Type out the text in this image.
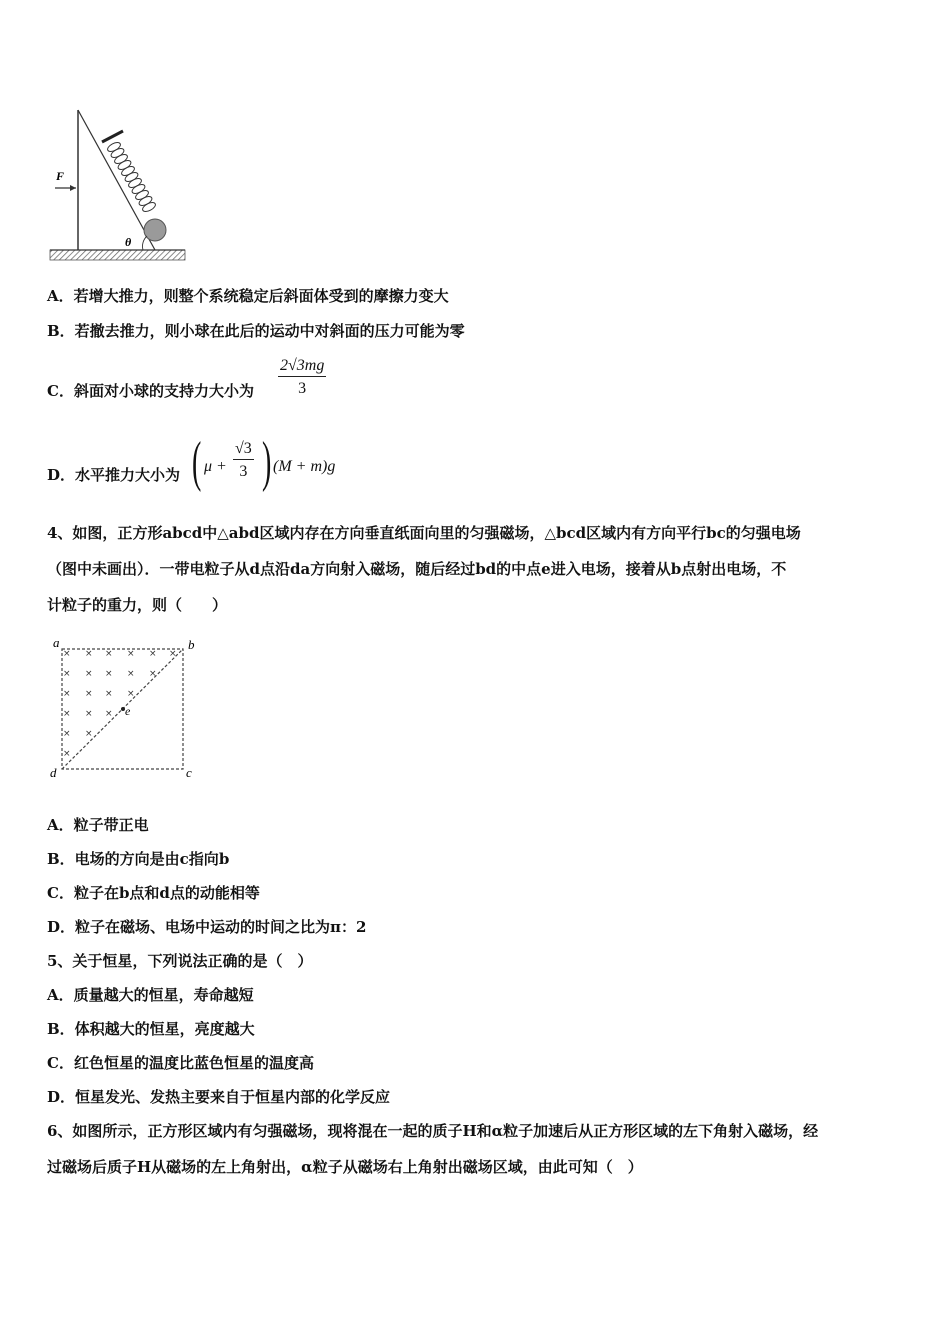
F
θ
A．若增大推力，则整个系统稳定后斜面体受到的摩擦力变大
B．若撤去推力，则小球在此后的运动中对斜面的压力可能为零
C．斜面对小球的支持力大小为 $\frac{2√3mg}{3}$
D．水平推力大小为 ( $\mu + \frac{√3}{3}$ ) (M + m)g
4、如图，正方形abcd中△abd区域内存在方向垂直纸面向里的匀强磁场，△bcd区域内有方向平行bc的匀强电场
（图中未画出）．一带电粒子从d点沿da方向射入磁场，随后经过bd的中点e进入电场，接着从b点射出电场，不
计粒子的重力，则（　　）
× × × × × ×
× × × × ×
× × × ×
× × ×
× ×
×
a	b
c
d
e
A．粒子带正电
B．电场的方向是由c指向b
C．粒子在b点和d点的动能相等
D．粒子在磁场、电场中运动的时间之比为π：2
5、关于恒星，下列说法正确的是（　）
A．质量越大的恒星，寿命越短
B．体积越大的恒星，亮度越大
C．红色恒星的温度比蓝色恒星的温度高
D．恒星发光、发热主要来自于恒星内部的化学反应
6、如图所示，正方形区域内有匀强磁场，现将混在一起的质子H和α粒子加速后从正方形区域的左下角射入磁场，经
过磁场后质子H从磁场的左上角射出，α粒子从磁场右上角射出磁场区域，由此可知（　）
